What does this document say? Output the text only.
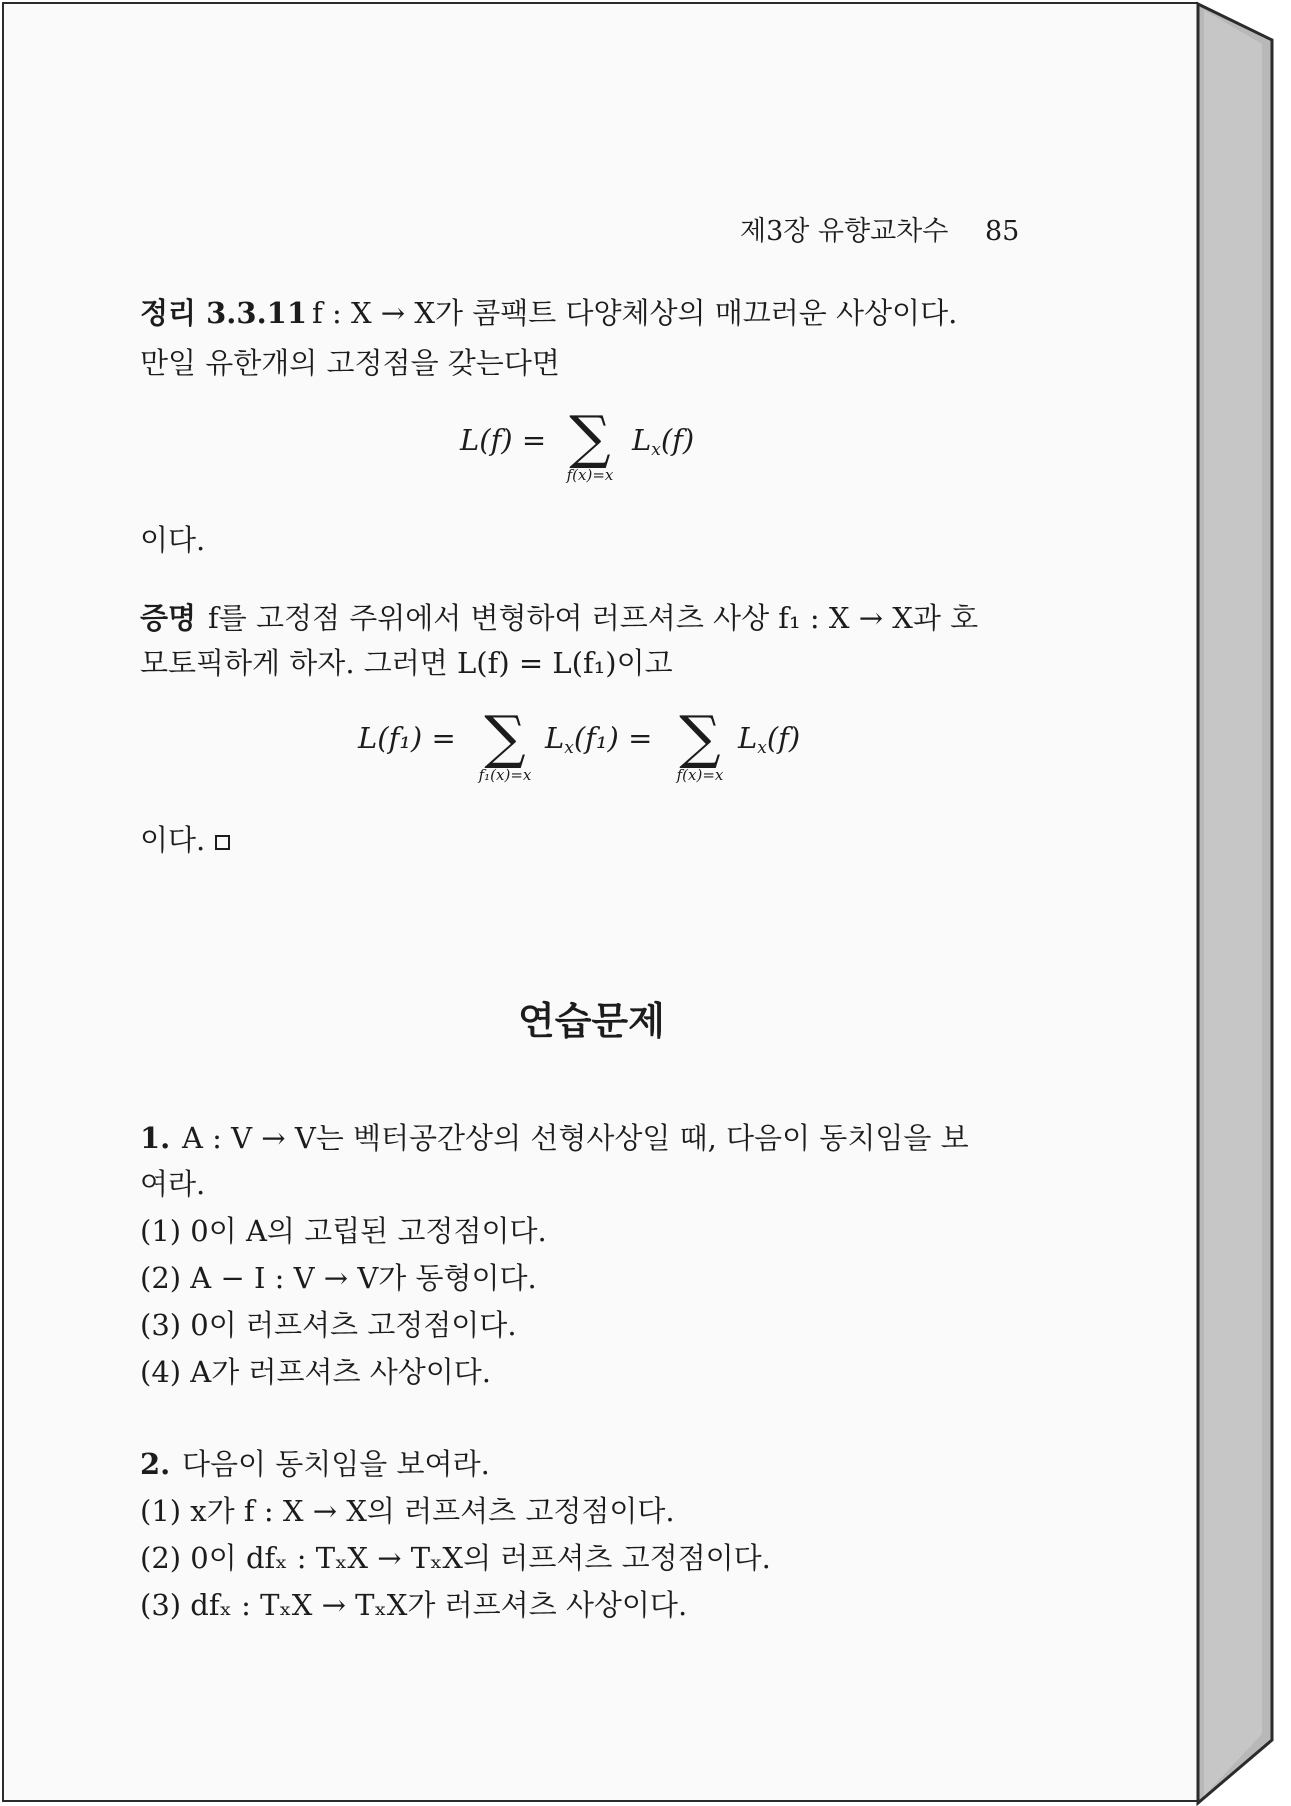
제3장 유향교차수 85
정리 3.3.11 f : X → X가 콤팩트 다양체상의 매끄러운 사상이다.
만일 유한개의 고정점을 갖는다면
L(f) = ∑
f(x)=x
Lx(f)
이다.
증명 f를 고정점 주위에서 변형하여 러프셔츠 사상 f₁ : X → X과 호
모토픽하게 하자. 그러면 L(f) = L(f₁)이고
L(f₁) = ∑
f₁(x)=x
Lx(f₁) = ∑
f(x)=x
Lx(f)
이다.
연습문제
1. A : V → V는 벡터공간상의 선형사상일 때, 다음이 동치임을 보
여라.
(1) 0이 A의 고립된 고정점이다.
(2) A − I : V → V가 동형이다.
(3) 0이 러프셔츠 고정점이다.
(4) A가 러프셔츠 사상이다.
2. 다음이 동치임을 보여라.
(1) x가 f : X → X의 러프셔츠 고정점이다.
(2) 0이 dfₓ : TₓX → TₓX의 러프셔츠 고정점이다.
(3) dfₓ : TₓX → TₓX가 러프셔츠 사상이다.
